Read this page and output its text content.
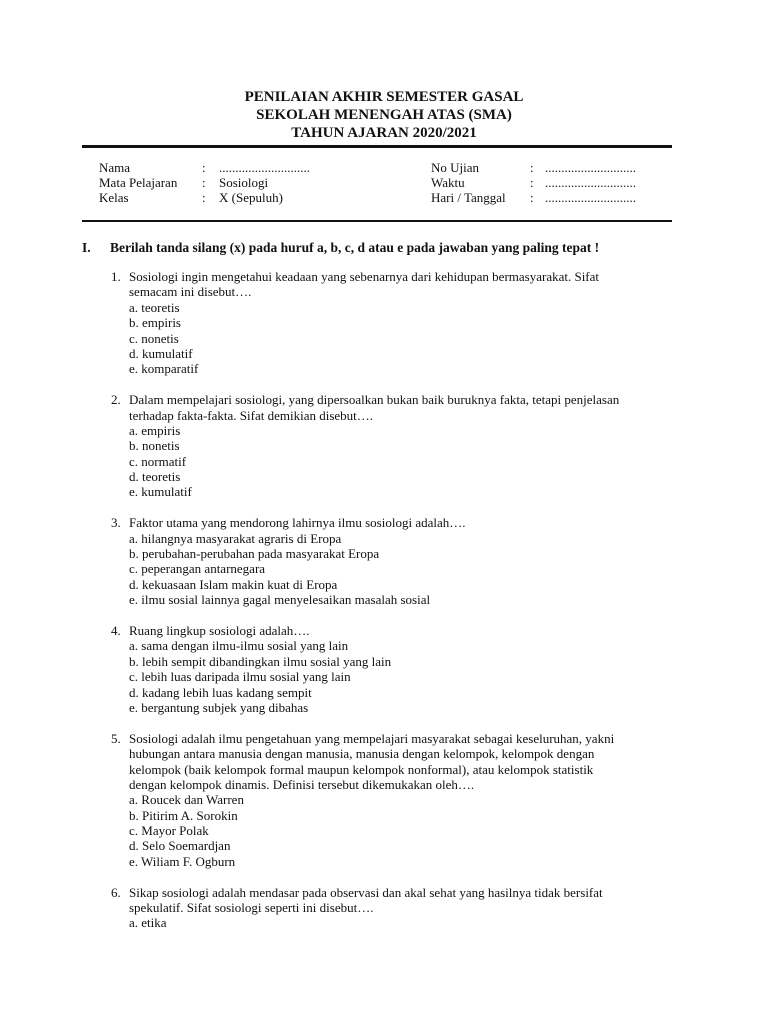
PENILAIAN AKHIR SEMESTER GASAL
SEKOLAH MENENGAH ATAS (SMA)
TAHUN AJARAN 2020/2021
Nama	: ............................
Mata Pelajaran : Sosiologi
Kelas	: X (Sepuluh)
No Ujian	: ............................
Waktu	: ............................
Hari / Tanggal : ............................
I. Berilah tanda silang (x) pada huruf a, b, c, d atau e pada jawaban yang paling tepat !
1. Sosiologi ingin mengetahui keadaan yang sebenarnya dari kehidupan bermasyarakat. Sifat
semacam ini disebut….
a. teoretis
b. empiris
c. nonetis
d. kumulatif
e. komparatif
2. Dalam mempelajari sosiologi, yang dipersoalkan bukan baik buruknya fakta, tetapi penjelasan
terhadap fakta-fakta. Sifat demikian disebut….
a. empiris
b. nonetis
c. normatif
d. teoretis
e. kumulatif
3. Faktor utama yang mendorong lahirnya ilmu sosiologi adalah….
a. hilangnya masyarakat agraris di Eropa
b. perubahan-perubahan pada masyarakat Eropa
c. peperangan antarnegara
d. kekuasaan Islam makin kuat di Eropa
e. ilmu sosial lainnya gagal menyelesaikan masalah sosial
4. Ruang lingkup sosiologi adalah….
a. sama dengan ilmu-ilmu sosial yang lain
b. lebih sempit dibandingkan ilmu sosial yang lain
c. lebih luas daripada ilmu sosial yang lain
d. kadang lebih luas kadang sempit
e. bergantung subjek yang dibahas
5. Sosiologi adalah ilmu pengetahuan yang mempelajari masyarakat sebagai keseluruhan, yakni
hubungan antara manusia dengan manusia, manusia dengan kelompok, kelompok dengan
kelompok (baik kelompok formal maupun kelompok nonformal), atau kelompok statistik
dengan kelompok dinamis. Definisi tersebut dikemukakan oleh….
a. Roucek dan Warren
b. Pitirim A. Sorokin
c. Mayor Polak
d. Selo Soemardjan
e. Wiliam F. Ogburn
6. Sikap sosiologi adalah mendasar pada observasi dan akal sehat yang hasilnya tidak bersifat
spekulatif. Sifat sosiologi seperti ini disebut….
a. etika
